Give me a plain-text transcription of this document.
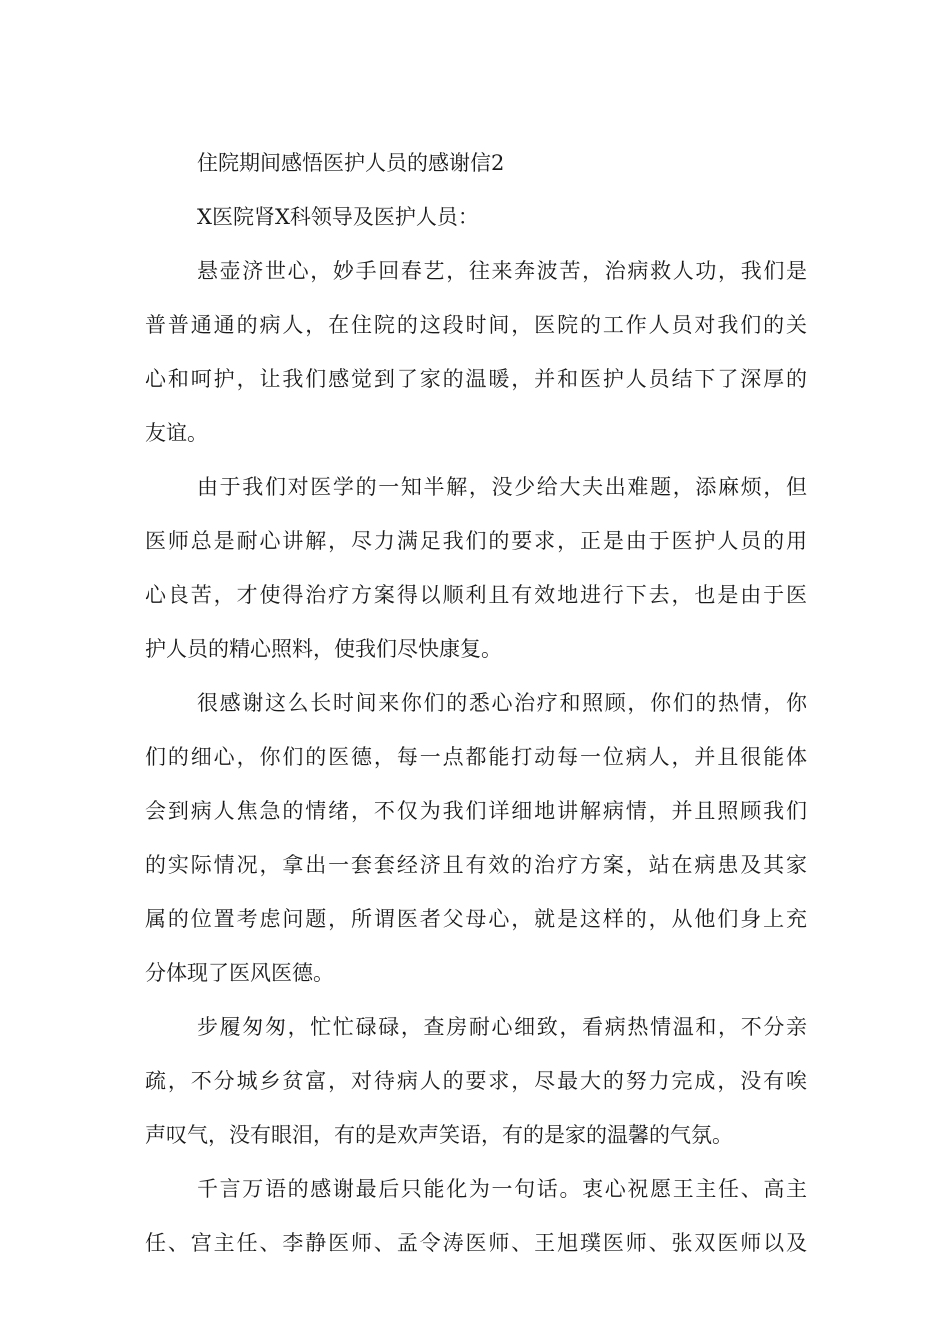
住院期间感悟医护人员的感谢信2
X医院肾X科领导及医护人员：
悬壶济世心，妙手回春艺，往来奔波苦，治病救人功，我们是
普普通通的病人，在住院的这段时间，医院的工作人员对我们的关
心和呵护，让我们感觉到了家的温暖，并和医护人员结下了深厚的
友谊。
由于我们对医学的一知半解，没少给大夫出难题，添麻烦，但
医师总是耐心讲解，尽力满足我们的要求，正是由于医护人员的用
心良苦，才使得治疗方案得以顺利且有效地进行下去，也是由于医
护人员的精心照料，使我们尽快康复。
很感谢这么长时间来你们的悉心治疗和照顾，你们的热情，你
们的细心，你们的医德，每一点都能打动每一位病人，并且很能体
会到病人焦急的情绪，不仅为我们详细地讲解病情，并且照顾我们
的实际情况，拿出一套套经济且有效的治疗方案，站在病患及其家
属的位置考虑问题，所谓医者父母心，就是这样的，从他们身上充
分体现了医风医德。
步履匆匆，忙忙碌碌，查房耐心细致，看病热情温和，不分亲
疏，不分城乡贫富，对待病人的要求，尽最大的努力完成，没有唉
声叹气，没有眼泪，有的是欢声笑语，有的是家的温馨的气氛。
千言万语的感谢最后只能化为一句话。衷心祝愿王主任、高主
任、宫主任、李静医师、孟令涛医师、王旭璞医师、张双医师以及
